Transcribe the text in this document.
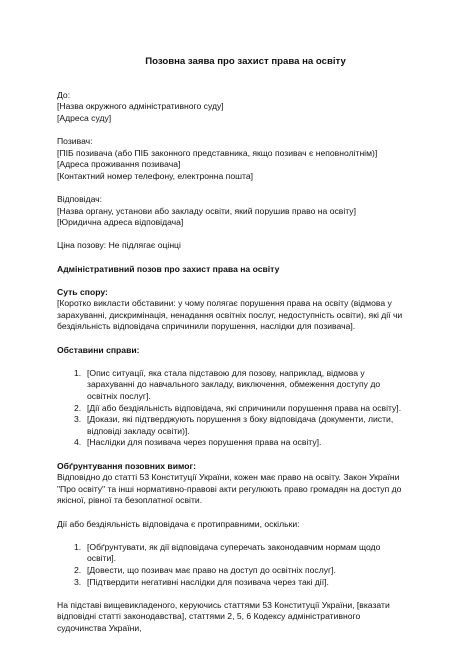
Позовна заява про захист права на освіту
До:
[Назва окружного адміністративного суду]
[Адреса суду]
Позивач:
[ПІБ позивача (або ПІБ законного представника, якщо позивач є неповнолітнім)]
[Адреса проживання позивача]
[Контактний номер телефону, електронна пошта]
Відповідач:
[Назва органу, установи або закладу освіти, який порушив право на освіту]
[Юридична адреса відповідача]

Ціна позову: Не підлягає оцінці

Адміністративний позов про захист права на освіту

Суть спору:
[Коротко викласти обставини: у чому полягає порушення права на освіту (відмова у
зарахуванні, дискримінація, ненадання освітніх послуг, недоступність освіти), які дії чи
бездіяльність відповідача спричинили порушення, наслідки для позивача].
Обставини справи:
1. [Опис ситуації, яка стала підставою для позову, наприклад, відмова у
зарахуванні до навчального закладу, виключення, обмеження доступу до
освітніх послуг].
2. [Дії або бездіяльність відповідача, які спричинили порушення права на освіту].
3. [Докази, які підтверджують порушення з боку відповідача (документи, листи,
відповіді закладу освіти)].
4. [Наслідки для позивача через порушення права на освіту].
Обґрунтування позовних вимог:
Відповідно до статті 53 Конституції України, кожен має право на освіту. Закон України
"Про освіту" та інші нормативно-правові акти регулюють право громадян на доступ до
якісної, рівної та безоплатної освіти.
Дії або бездіяльність відповідача є протиправними, оскільки:
1. [Обґрунтувати, як дії відповідача суперечать законодавчим нормам щодо
освіти].
2. [Довести, що позивач має право на доступ до освітніх послуг].
3. [Підтвердити негативні наслідки для позивача через такі дії].
На підставі вищевикладеного, керуючись статтями 53 Конституції України, [вказати
відповідні статті законодавства], статтями 2, 5, 6 Кодексу адміністративного
судочинства України,
